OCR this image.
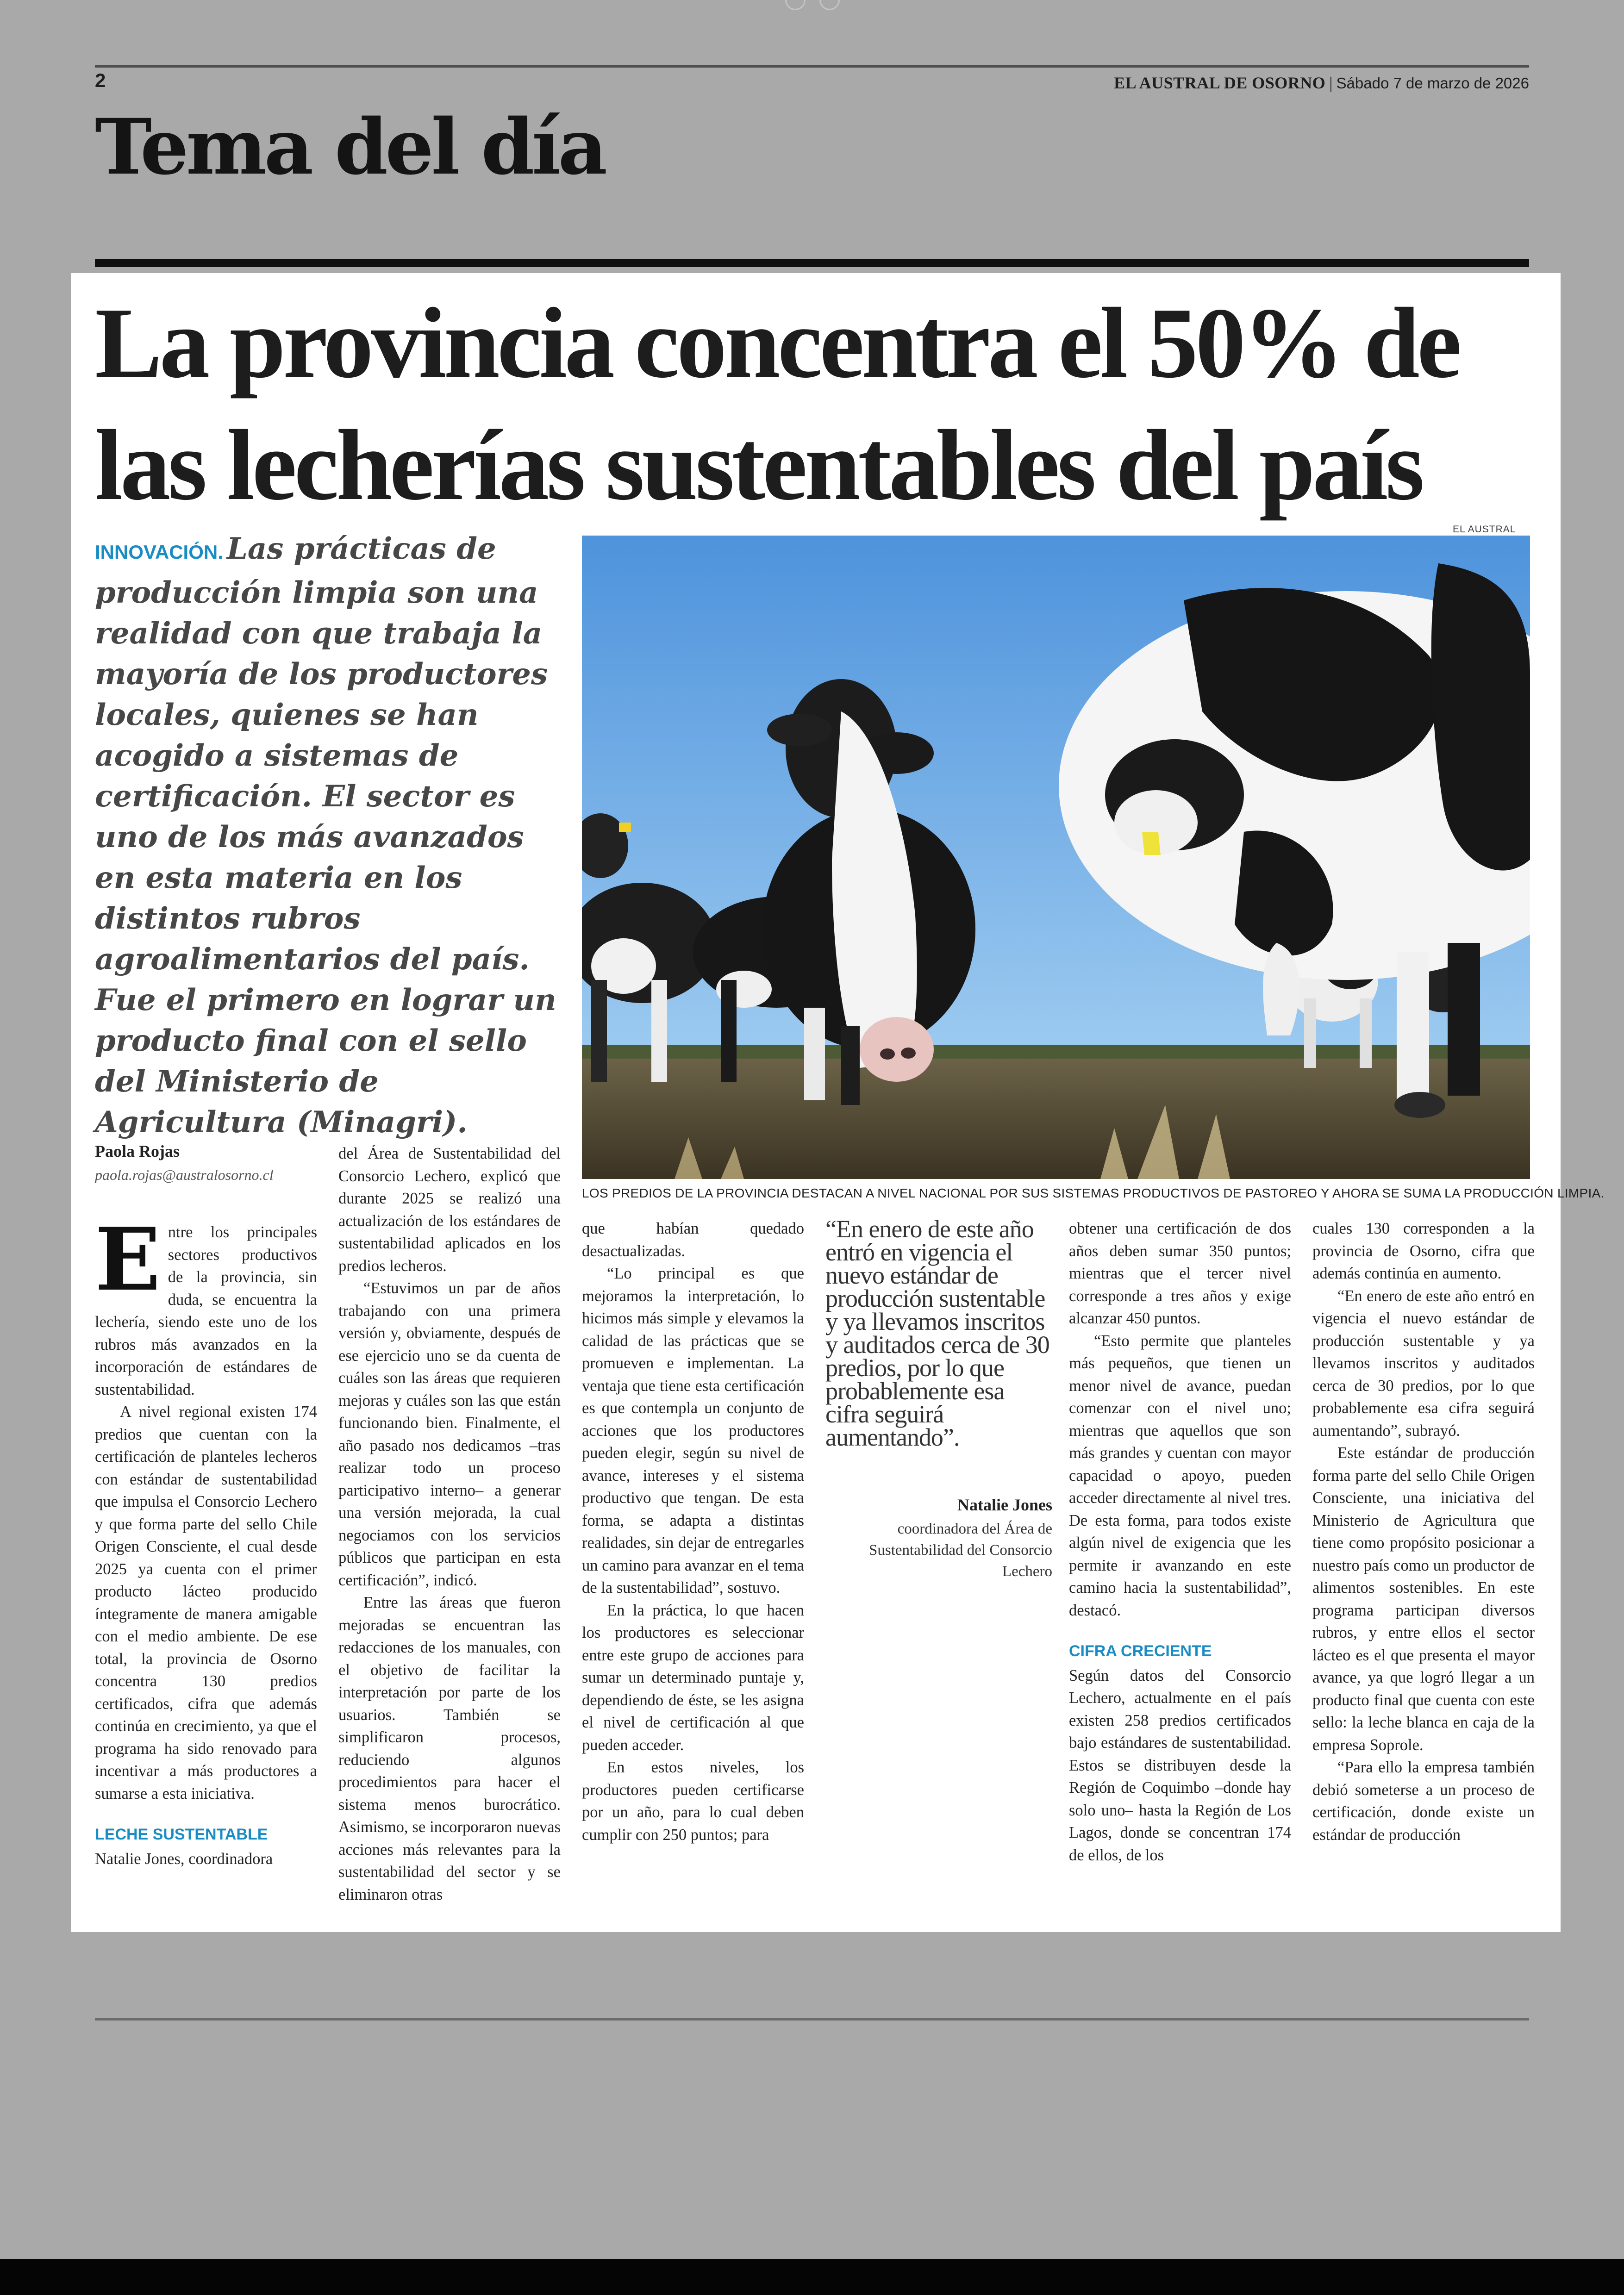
2	EL AUSTRAL DE OSORNO | Sábado 7 de marzo de 2026
Tema del día
La provincia concentra el 50% de las lecherías sustentables del país
EL AUSTRAL
LOS PREDIOS DE LA PROVINCIA DESTACAN A NIVEL NACIONAL POR SUS SISTEMAS PRODUCTIVOS DE PASTOREO Y AHORA SE SUMA LA PRODUCCIÓN LIMPIA.
INNOVACIÓN. Las prácticas de producción limpia son una realidad con que trabaja la mayoría de los productores locales, quienes se han acogido a sistemas de certificación. El sector es uno de los más avanzados en esta materia en los distintos rubros agroalimentarios del país. Fue el primero en lograr un producto final con el sello del Ministerio de Agricultura (Minagri).
Paola Rojas
paola.rojas@australosorno.cl

Entre los principales sectores productivos de la provincia, sin duda, se encuentra la lechería, siendo este uno de los rubros más avanzados en la incorporación de estándares de sustentabilidad.

A nivel regional existen 174 predios que cuentan con la certificación de planteles lecheros con estándar de sustentabilidad que impulsa el Consorcio Lechero y que forma parte del sello Chile Origen Consciente, el cual desde 2025 ya cuenta con el primer producto lácteo producido íntegramente de manera amigable con el medio ambiente. De ese total, la provincia de Osorno concentra 130 predios certificados, cifra que además continúa en crecimiento, ya que el programa ha sido renovado para incentivar a más productores a sumarse a esta iniciativa.

LECHE SUSTENTABLE

Natalie Jones, coordinadora

del Área de Sustentabilidad del Consorcio Lechero, explicó que durante 2025 se realizó una actualización de los estándares de sustentabilidad aplicados en los predios lecheros.

“Estuvimos un par de años trabajando con una primera versión y, obviamente, después de ese ejercicio uno se da cuenta de cuáles son las áreas que requieren mejoras y cuáles son las que están funcionando bien. Finalmente, el año pasado nos dedicamos –tras realizar todo un proceso participativo interno– a generar una versión mejorada, la cual negociamos con los servicios públicos que participan en esta certificación”, indicó.

Entre las áreas que fueron mejoradas se encuentran las redacciones de los manuales, con el objetivo de facilitar la interpretación por parte de los usuarios. También se simplificaron procesos, reduciendo algunos procedimientos para hacer el sistema menos burocrático. Asimismo, se incorporaron nuevas acciones más relevantes para la sustentabilidad del sector y se eliminaron otras

que habían quedado desactualizadas.

“Lo principal es que mejoramos la interpretación, lo hicimos más simple y elevamos la calidad de las prácticas que se promueven e implementan. La ventaja que tiene esta certificación es que contempla un conjunto de acciones que los productores pueden elegir, según su nivel de avance, intereses y el sistema productivo que tengan. De esta forma, se adapta a distintas realidades, sin dejar de entregarles un camino para avanzar en el tema de la sustentabilidad”, sostuvo.

En la práctica, lo que hacen los productores es seleccionar entre este grupo de acciones para sumar un determinado puntaje y, dependiendo de éste, se les asigna el nivel de certificación al que pueden acceder.

En estos niveles, los productores pueden certificarse por un año, para lo cual deben cumplir con 250 puntos; para

“En enero de este año entró en vigencia el nuevo estándar de producción sustentable y ya llevamos inscritos y auditados cerca de 30 predios, por lo que probablemente esa cifra seguirá aumentando”.
Natalie Jones
coordinadora del Área de Sustentabilidad del Consorcio Lechero

obtener una certificación de dos años deben sumar 350 puntos; mientras que el tercer nivel corresponde a tres años y exige alcanzar 450 puntos.

“Esto permite que planteles más pequeños, que tienen un menor nivel de avance, puedan comenzar con el nivel uno; mientras que aquellos que son más grandes y cuentan con mayor capacidad o apoyo, pueden acceder directamente al nivel tres. De esta forma, para todos existe algún nivel de exigencia que les permite ir avanzando en este camino hacia la sustentabilidad”, destacó.

CIFRA CRECIENTE

Según datos del Consorcio Lechero, actualmente en el país existen 258 predios certificados bajo estándares de sustentabilidad. Estos se distribuyen desde la Región de Coquimbo –donde hay solo uno– hasta la Región de Los Lagos, donde se concentran 174 de ellos, de los

cuales 130 corresponden a la provincia de Osorno, cifra que además continúa en aumento.

“En enero de este año entró en vigencia el nuevo estándar de producción sustentable y ya llevamos inscritos y auditados cerca de 30 predios, por lo que probablemente esa cifra seguirá aumentando”, subrayó.

Este estándar de producción forma parte del sello Chile Origen Consciente, una iniciativa del Ministerio de Agricultura que tiene como propósito posicionar a nuestro país como un productor de alimentos sostenibles. En este programa participan diversos rubros, y entre ellos el sector lácteo es el que presenta el mayor avance, ya que logró llegar a un producto final que cuenta con este sello: la leche blanca en caja de la empresa Soprole.

“Para ello la empresa también debió someterse a un proceso de certificación, donde existe un estándar de producción
